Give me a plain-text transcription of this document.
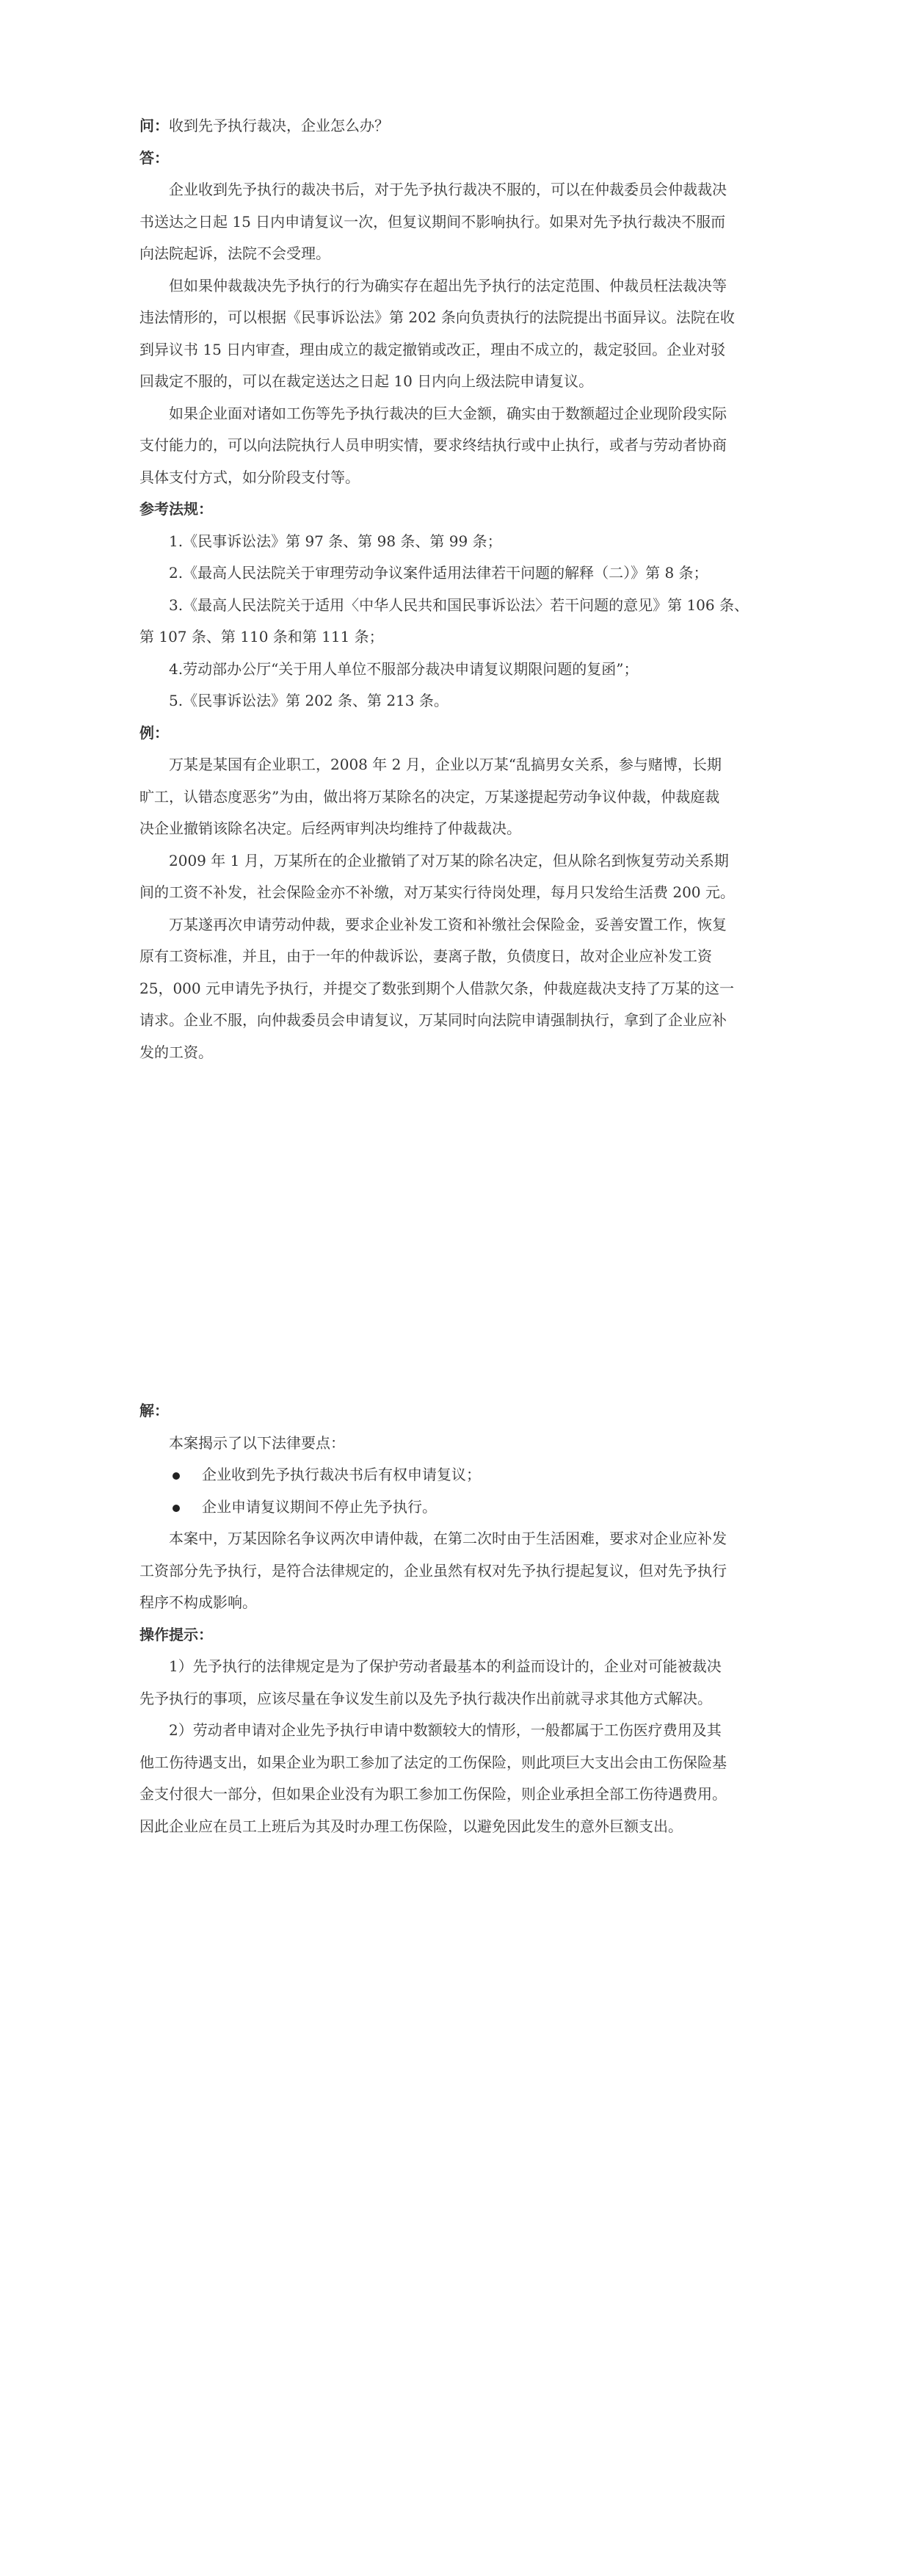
问：收到先予执行裁决，企业怎么办？
答：
企业收到先予执行的裁决书后，对于先予执行裁决不服的，可以在仲裁委员会仲裁裁决
书送达之日起 15 日内申请复议一次，但复议期间不影响执行。如果对先予执行裁决不服而
向法院起诉，法院不会受理。
但如果仲裁裁决先予执行的行为确实存在超出先予执行的法定范围、仲裁员枉法裁决等
违法情形的，可以根据《民事诉讼法》第 202 条向负责执行的法院提出书面异议。法院在收
到异议书 15 日内审查，理由成立的裁定撤销或改正，理由不成立的，裁定驳回。企业对驳
回裁定不服的，可以在裁定送达之日起 10 日内向上级法院申请复议。
如果企业面对诸如工伤等先予执行裁决的巨大金额，确实由于数额超过企业现阶段实际
支付能力的，可以向法院执行人员申明实情，要求终结执行或中止执行，或者与劳动者协商
具体支付方式，如分阶段支付等。
参考法规：
1.《民事诉讼法》第 97 条、第 98 条、第 99 条；
2.《最高人民法院关于审理劳动争议案件适用法律若干问题的解释（二）》第 8 条；
3.《最高人民法院关于适用〈中华人民共和国民事诉讼法〉若干问题的意见》第 106 条、
第 107 条、第 110 条和第 111 条；
4.劳动部办公厅“关于用人单位不服部分裁决申请复议期限问题的复函”；
5.《民事诉讼法》第 202 条、第 213 条。
例：
万某是某国有企业职工，2008 年 2 月，企业以万某“乱搞男女关系，参与赌博，长期
旷工，认错态度恶劣”为由，做出将万某除名的决定，万某遂提起劳动争议仲裁，仲裁庭裁
决企业撤销该除名决定。后经两审判决均维持了仲裁裁决。
2009 年 1 月，万某所在的企业撤销了对万某的除名决定，但从除名到恢复劳动关系期
间的工资不补发，社会保险金亦不补缴，对万某实行待岗处理，每月只发给生活费 200 元。
万某遂再次申请劳动仲裁，要求企业补发工资和补缴社会保险金，妥善安置工作，恢复
原有工资标准，并且，由于一年的仲裁诉讼，妻离子散，负债度日，故对企业应补发工资
25，000 元申请先予执行，并提交了数张到期个人借款欠条，仲裁庭裁决支持了万某的这一
请求。企业不服，向仲裁委员会申请复议，万某同时向法院申请强制执行，拿到了企业应补
发的工资。
解：
本案揭示了以下法律要点：
企业收到先予执行裁决书后有权申请复议；
企业申请复议期间不停止先予执行。
本案中，万某因除名争议两次申请仲裁，在第二次时由于生活困难，要求对企业应补发
工资部分先予执行，是符合法律规定的，企业虽然有权对先予执行提起复议，但对先予执行
程序不构成影响。
操作提示：
1）先予执行的法律规定是为了保护劳动者最基本的利益而设计的，企业对可能被裁决
先予执行的事项，应该尽量在争议发生前以及先予执行裁决作出前就寻求其他方式解决。
2）劳动者申请对企业先予执行申请中数额较大的情形，一般都属于工伤医疗费用及其
他工伤待遇支出，如果企业为职工参加了法定的工伤保险，则此项巨大支出会由工伤保险基
金支付很大一部分，但如果企业没有为职工参加工伤保险，则企业承担全部工伤待遇费用。
因此企业应在员工上班后为其及时办理工伤保险，以避免因此发生的意外巨额支出。
